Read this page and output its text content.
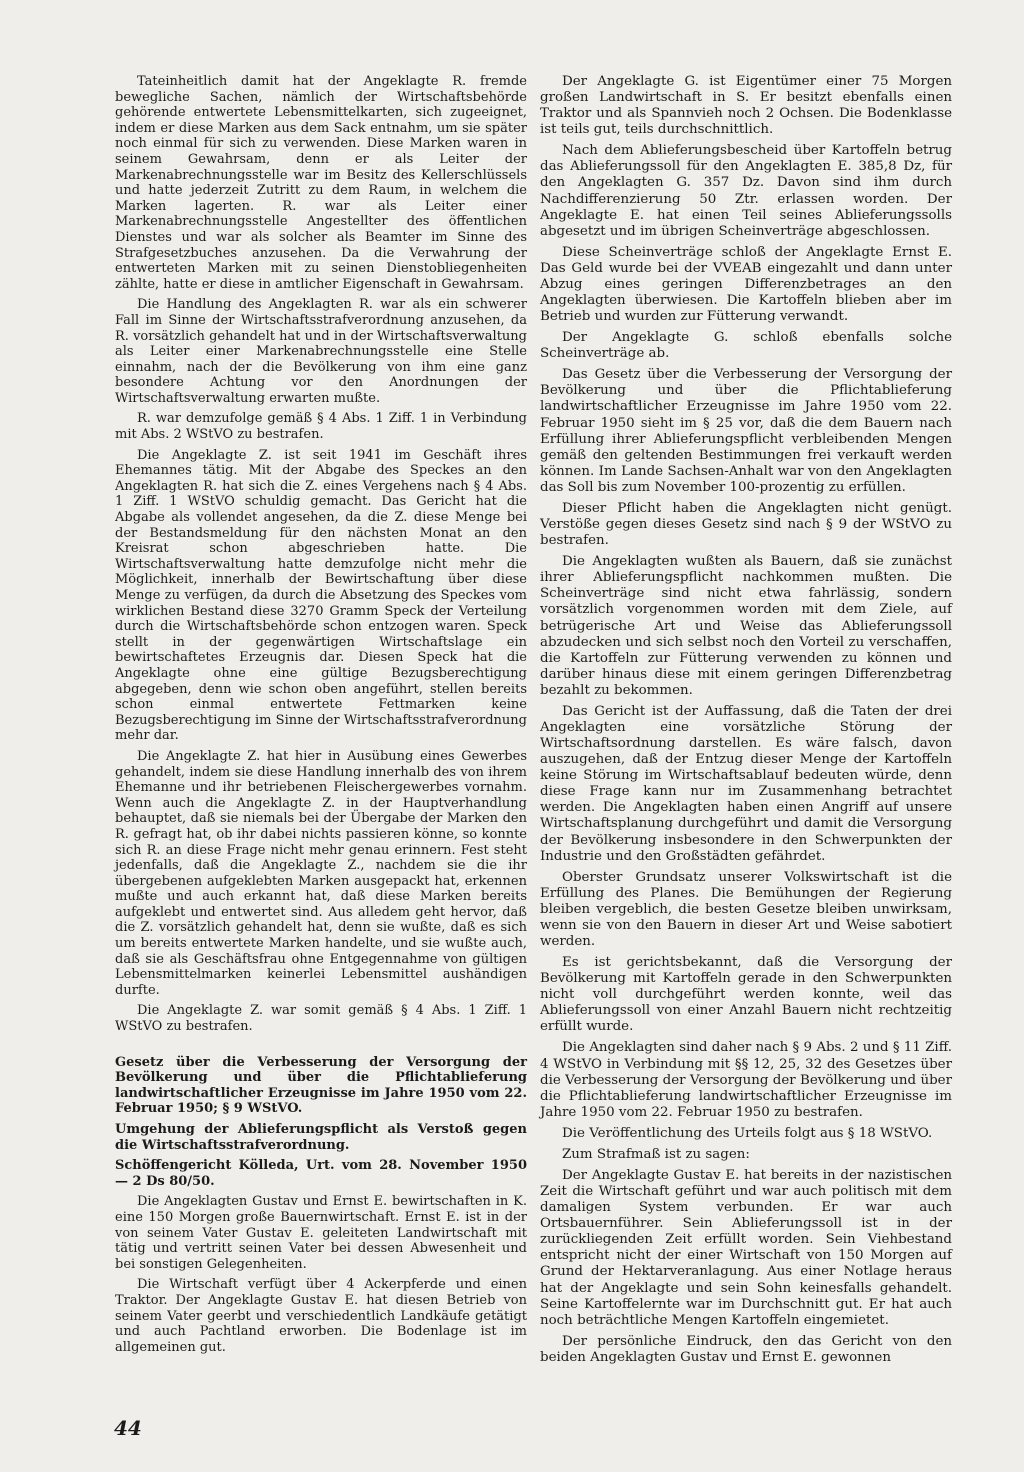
Tateinheitlich damit hat der Angeklagte R. fremde bewegliche Sachen, nämlich der Wirtschaftsbehörde gehörende entwertete Lebensmittelkarten, sich zugeeignet, indem er diese Marken aus dem Sack entnahm, um sie später noch einmal für sich zu verwenden. Diese Marken waren in seinem Gewahrsam, denn er als Leiter der Markenabrechnungsstelle war im Besitz des Kellerschlüssels und hatte jederzeit Zutritt zu dem Raum, in welchem die Marken lagerten. R. war als Leiter einer Markenabrechnungsstelle Angestellter des öffentlichen Dienstes und war als solcher als Beamter im Sinne des Strafgesetzbuches anzusehen. Da die Verwahrung der entwerteten Marken mit zu seinen Dienstobliegenheiten zählte, hatte er diese in amtlicher Eigenschaft in Gewahrsam.

Die Handlung des Angeklagten R. war als ein schwerer Fall im Sinne der Wirtschaftsstrafverordnung anzusehen, da R. vorsätzlich gehandelt hat und in der Wirtschaftsverwaltung als Leiter einer Markenabrechnungsstelle eine Stelle einnahm, nach der die Bevölkerung von ihm eine ganz besondere Achtung vor den Anordnungen der Wirtschaftsverwaltung erwarten mußte.

R. war demzufolge gemäß § 4 Abs. 1 Ziff. 1 in Verbindung mit Abs. 2 WStVO zu bestrafen.

Die Angeklagte Z. ist seit 1941 im Geschäft ihres Ehemannes tätig. Mit der Abgabe des Speckes an den Angeklagten R. hat sich die Z. eines Vergehens nach § 4 Abs. 1 Ziff. 1 WStVO schuldig gemacht. Das Gericht hat die Abgabe als vollendet angesehen, da die Z. diese Menge bei der Bestandsmeldung für den nächsten Monat an den Kreisrat schon abgeschrieben hatte. Die Wirtschaftsverwaltung hatte demzufolge nicht mehr die Möglichkeit, innerhalb der Bewirtschaftung über diese Menge zu verfügen, da durch die Absetzung des Speckes vom wirklichen Bestand diese 3270 Gramm Speck der Verteilung durch die Wirtschaftsbehörde schon entzogen waren. Speck stellt in der gegenwärtigen Wirtschaftslage ein bewirtschaftetes Erzeugnis dar. Diesen Speck hat die Angeklagte ohne eine gültige Bezugsberechtigung abgegeben, denn wie schon oben angeführt, stellen bereits schon einmal entwertete Fettmarken keine Bezugsberechtigung im Sinne der Wirtschaftsstrafverordnung mehr dar.

Die Angeklagte Z. hat hier in Ausübung eines Gewerbes gehandelt, indem sie diese Handlung innerhalb des von ihrem Ehemanne und ihr betriebenen Fleischergewerbes vornahm. Wenn auch die Angeklagte Z. in der Hauptverhandlung behauptet, daß sie niemals bei der Übergabe der Marken den R. gefragt hat, ob ihr dabei nichts passieren könne, so konnte sich R. an diese Frage nicht mehr genau erinnern. Fest steht jedenfalls, daß die Angeklagte Z., nachdem sie die ihr übergebenen aufgeklebten Marken ausgepackt hat, erkennen mußte und auch erkannt hat, daß diese Marken bereits aufgeklebt und entwertet sind. Aus alledem geht hervor, daß die Z. vorsätzlich gehandelt hat, denn sie wußte, daß es sich um bereits entwertete Marken handelte, und sie wußte auch, daß sie als Geschäftsfrau ohne Entgegennahme von gültigen Lebensmittelmarken keinerlei Lebensmittel aushändigen durfte.

Die Angeklagte Z. war somit gemäß § 4 Abs. 1 Ziff. 1 WStVO zu bestrafen.

Gesetz über die Verbesserung der Versorgung der Bevölkerung und über die Pflichtablieferung landwirtschaftlicher Erzeugnisse im Jahre 1950 vom 22. Februar 1950; § 9 WStVO.

Umgehung der Ablieferungspflicht als Verstoß gegen die Wirtschaftsstrafverordnung.

Schöffengericht Kölleda, Urt. vom 28. November 1950 — 2 Ds 80/50.

Die Angeklagten Gustav und Ernst E. bewirtschaften in K. eine 150 Morgen große Bauernwirtschaft. Ernst E. ist in der von seinem Vater Gustav E. geleiteten Landwirtschaft mit tätig und vertritt seinen Vater bei dessen Abwesenheit und bei sonstigen Gelegenheiten.

Die Wirtschaft verfügt über 4 Ackerpferde und einen Traktor. Der Angeklagte Gustav E. hat diesen Betrieb von seinem Vater geerbt und verschiedentlich Landkäufe getätigt und auch Pachtland erworben. Die Bodenlage ist im allgemeinen gut.

Der Angeklagte G. ist Eigentümer einer 75 Morgen großen Landwirtschaft in S. Er besitzt ebenfalls einen Traktor und als Spannvieh noch 2 Ochsen. Die Bodenklasse ist teils gut, teils durchschnittlich.

Nach dem Ablieferungsbescheid über Kartoffeln betrug das Ablieferungssoll für den Angeklagten E. 385,8 Dz, für den Angeklagten G. 357 Dz. Davon sind ihm durch Nachdifferenzierung 50 Ztr. erlassen worden. Der Angeklagte E. hat einen Teil seines Ablieferungssolls abgesetzt und im übrigen Scheinverträge abgeschlossen.

Diese Scheinverträge schloß der Angeklagte Ernst E. Das Geld wurde bei der VVEAB eingezahlt und dann unter Abzug eines geringen Differenzbetrages an den Angeklagten überwiesen. Die Kartoffeln blieben aber im Betrieb und wurden zur Fütterung verwandt.

Der Angeklagte G. schloß ebenfalls solche Scheinverträge ab.

Das Gesetz über die Verbesserung der Versorgung der Bevölkerung und über die Pflichtablieferung landwirtschaftlicher Erzeugnisse im Jahre 1950 vom 22. Februar 1950 sieht im § 25 vor, daß die dem Bauern nach Erfüllung ihrer Ablieferungspflicht verbleibenden Mengen gemäß den geltenden Bestimmungen frei verkauft werden können. Im Lande Sachsen-Anhalt war von den Angeklagten das Soll bis zum November 100-prozentig zu erfüllen.

Dieser Pflicht haben die Angeklagten nicht genügt. Verstöße gegen dieses Gesetz sind nach § 9 der WStVO zu bestrafen.

Die Angeklagten wußten als Bauern, daß sie zunächst ihrer Ablieferungspflicht nachkommen mußten. Die Scheinverträge sind nicht etwa fahrlässig, sondern vorsätzlich vorgenommen worden mit dem Ziele, auf betrügerische Art und Weise das Ablieferungssoll abzudecken und sich selbst noch den Vorteil zu verschaffen, die Kartoffeln zur Fütterung verwenden zu können und darüber hinaus diese mit einem geringen Differenzbetrag bezahlt zu bekommen.

Das Gericht ist der Auffassung, daß die Taten der drei Angeklagten eine vorsätzliche Störung der Wirtschaftsordnung darstellen. Es wäre falsch, davon auszugehen, daß der Entzug dieser Menge der Kartoffeln keine Störung im Wirtschaftsablauf bedeuten würde, denn diese Frage kann nur im Zusammenhang betrachtet werden. Die Angeklagten haben einen Angriff auf unsere Wirtschaftsplanung durchgeführt und damit die Versorgung der Bevölkerung insbesondere in den Schwerpunkten der Industrie und den Großstädten gefährdet.

Oberster Grundsatz unserer Volkswirtschaft ist die Erfüllung des Planes. Die Bemühungen der Regierung bleiben vergeblich, die besten Gesetze bleiben unwirksam, wenn sie von den Bauern in dieser Art und Weise sabotiert werden.

Es ist gerichtsbekannt, daß die Versorgung der Bevölkerung mit Kartoffeln gerade in den Schwerpunkten nicht voll durchgeführt werden konnte, weil das Ablieferungssoll von einer Anzahl Bauern nicht rechtzeitig erfüllt wurde.

Die Angeklagten sind daher nach § 9 Abs. 2 und § 11 Ziff. 4 WStVO in Verbindung mit §§ 12, 25, 32 des Gesetzes über die Verbesserung der Versorgung der Bevölkerung und über die Pflichtablieferung landwirtschaftlicher Erzeugnisse im Jahre 1950 vom 22. Februar 1950 zu bestrafen.

Die Veröffentlichung des Urteils folgt aus § 18 WStVO.

Zum Strafmaß ist zu sagen:

Der Angeklagte Gustav E. hat bereits in der nazistischen Zeit die Wirtschaft geführt und war auch politisch mit dem damaligen System verbunden. Er war auch Ortsbauernführer. Sein Ablieferungssoll ist in der zurückliegenden Zeit erfüllt worden. Sein Viehbestand entspricht nicht der einer Wirtschaft von 150 Morgen auf Grund der Hektarveranlagung. Aus einer Notlage heraus hat der Angeklagte und sein Sohn keinesfalls gehandelt. Seine Kartoffelernte war im Durchschnitt gut. Er hat auch noch beträchtliche Mengen Kartoffeln eingemietet.

Der persönliche Eindruck, den das Gericht von den beiden Angeklagten Gustav und Ernst E. gewonnen

44
